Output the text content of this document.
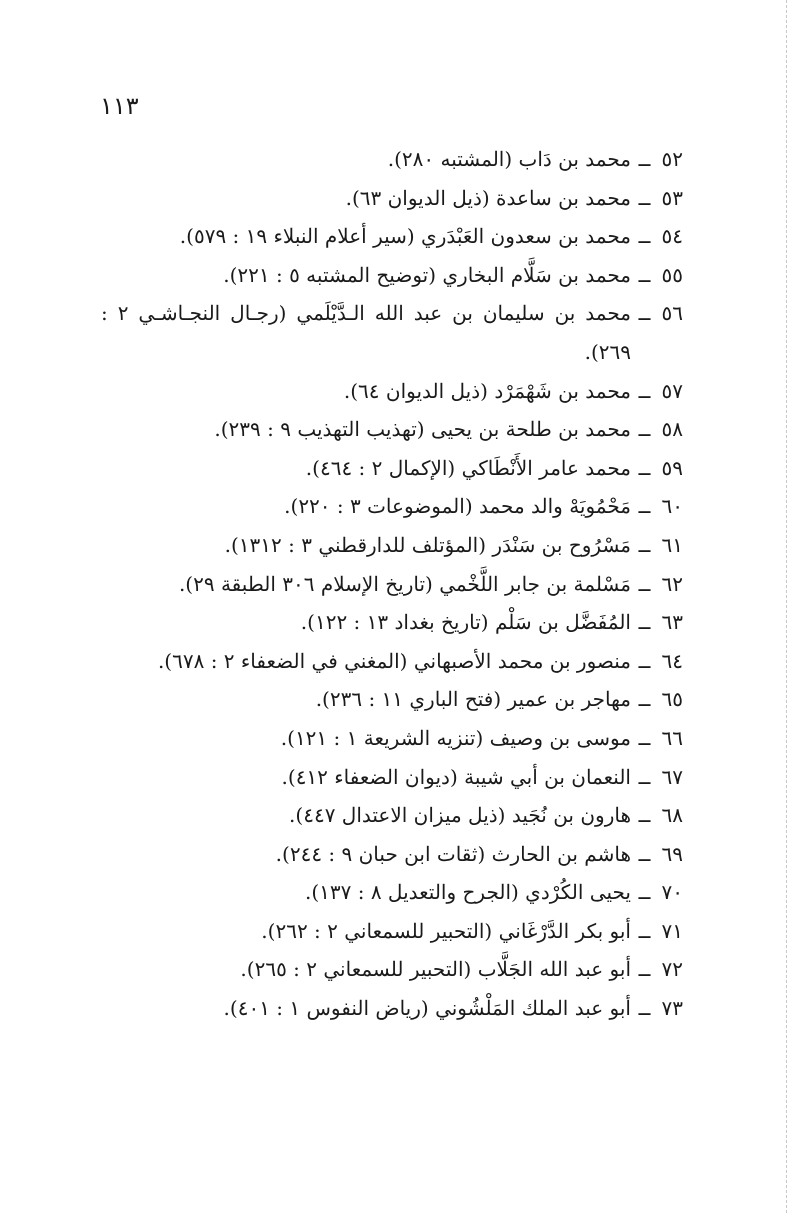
١١٣
٥٢
ــ
محمد بن دَاب (المشتبه ٢٨٠).
٥٣
ــ
محمد بن ساعدة (ذيل الديوان ٦٣).
٥٤
ــ
محمد بن سعدون العَبْدَري (سير أعلام النبلاء ١٩ : ٥٧٩).
٥٥
ــ
محمد بن سَلَّام البخاري (توضيح المشتبه ٥ : ٢٢١).
٥٦
ــ
محمد بن سليمان بن عبد الله الـدَّيْلَمي (رجـال النجـاشـي ٢ : ٢٦٩).
٥٧
ــ
محمد بن شَهْمَرْد (ذيل الديوان ٦٤).
٥٨
ــ
محمد بن طلحة بن يحيى (تهذيب التهذيب ٩ : ٢٣٩).
٥٩
ــ
محمد عامر الأَنْطَاكي (الإكمال ٢ : ٤٦٤).
٦٠
ــ
مَحْمُويَهْ والد محمد (الموضوعات ٣ : ٢٢٠).
٦١
ــ
مَسْرُوح بن سَنْدَر (المؤتلف للدارقطني ٣ : ١٣١٢).
٦٢
ــ
مَسْلمة بن جابر اللَّخْمي (تاريخ الإسلام ٣٠٦ الطبقة ٢٩).
٦٣
ــ
المُفَضَّل بن سَلْم (تاريخ بغداد ١٣ : ١٢٢).
٦٤
ــ
منصور بن محمد الأصبهاني (المغني في الضعفاء ٢ : ٦٧٨).
٦٥
ــ
مهاجر بن عمير (فتح الباري ١١ : ٢٣٦).
٦٦
ــ
موسى بن وصيف (تنزيه الشريعة ١ : ١٢١).
٦٧
ــ
النعمان بن أبي شيبة (ديوان الضعفاء ٤١٢).
٦٨
ــ
هارون بن نُجَيد (ذيل ميزان الاعتدال ٤٤٧).
٦٩
ــ
هاشم بن الحارث (ثقات ابن حبان ٩ : ٢٤٤).
٧٠
ــ
يحيى الكُرْدي (الجرح والتعديل ٨ : ١٣٧).
٧١
ــ
أبو بكر الدَّرْغَاني (التحبير للسمعاني ٢ : ٢٦٢).
٧٢
ــ
أبو عبد الله الجَلَّاب (التحبير للسمعاني ٢ : ٢٦٥).
٧٣
ــ
أبو عبد الملك المَلْشُوني (رياض النفوس ١ : ٤٠١).
